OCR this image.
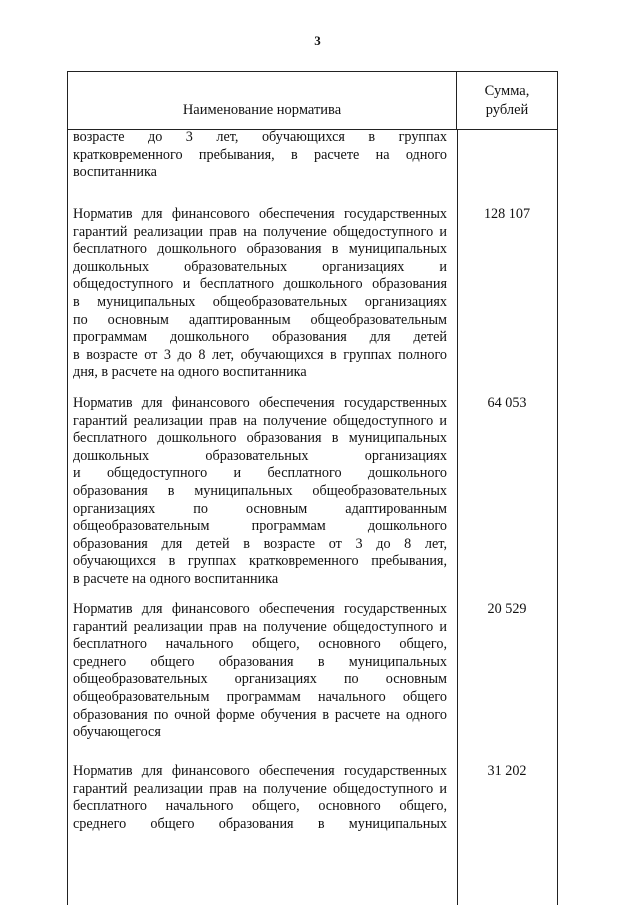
3
Наименование норматива
Сумма,
рублей
возрасте до 3 лет, обучающихся в группах
кратковременного пребывания, в расчете на одного
воспитанника
Норматив для финансового обеспечения государственных
гарантий реализации прав на получение общедоступного и
бесплатного дошкольного образования в муниципальных
дошкольных образовательных организациях и
общедоступного и бесплатного дошкольного образования
в муниципальных общеобразовательных организациях
по основным адаптированным общеобразовательным
программам дошкольного образования для детей
в возрасте от 3 до 8 лет, обучающихся в группах полного
дня, в расчете на одного воспитанника
128 107
Норматив для финансового обеспечения государственных
гарантий реализации прав на получение общедоступного и
бесплатного дошкольного образования в муниципальных
дошкольных образовательных организациях
и общедоступного и бесплатного дошкольного
образования в муниципальных общеобразовательных
организациях по основным адаптированным
общеобразовательным программам дошкольного
образования для детей в возрасте от 3 до 8 лет,
обучающихся в группах кратковременного пребывания,
в расчете на одного воспитанника
64 053
Норматив для финансового обеспечения государственных
гарантий реализации прав на получение общедоступного и
бесплатного начального общего, основного общего,
среднего общего образования в муниципальных
общеобразовательных организациях по основным
общеобразовательным программам начального общего
образования по очной форме обучения в расчете на одного
обучающегося
20 529
Норматив для финансового обеспечения государственных
гарантий реализации прав на получение общедоступного и
бесплатного начального общего, основного общего,
среднего общего образования в муниципальных
31 202
